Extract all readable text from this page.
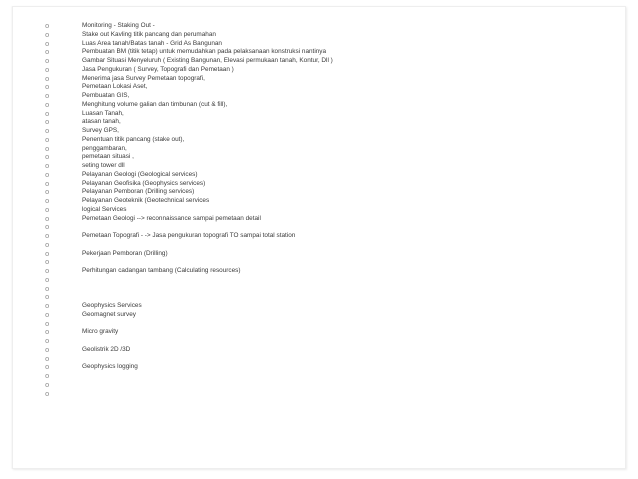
o	Monitoring - Staking Out -
o	Stake out Kavling titik pancang dan perumahan
o	Luas Area tanah/Batas tanah - Grid As Bangunan
o	Pembuatan BM (titik tetap) untuk memudahkan pada pelaksanaan konstruksi nantinya
o	Gambar Situasi Menyeluruh ( Existing Bangunan, Elevasi permukaan tanah, Kontur, Dll )
o	Jasa Pengukuran ( Survey, Topografi dan Pemetaan )
o	Menerima jasa Survey Pemetaan topografi,
o	Pemetaan Lokasi Aset,
o	Pembuatan GIS,
o	Menghitung volume galian dan timbunan (cut & fill),
o	Luasan Tanah,
o	atasan tanah,
o	Survey GPS,
o	Penentuan titik pancang (stake out),
o	penggambaran,
o	pemetaan situasi ,
o	seting tower dll
o	Pelayanan Geologi (Geological services)
o	Pelayanan Geofisika (Geophysics services)
o	Pelayanan Pemboran (Drilling services)
o	Pelayanan Geoteknik (Geotechnical services
o	logical Services
o	Pemetaan Geologi --> reconnaissance sampai pemetaan detail
o
o	Pemetaan Topografi - -> Jasa pengukuran topografi TO sampai total station
o
o	Pekerjaan Pemboran (Drilling)
o
o	Perhitungan cadangan tambang (Calculating resources)
o
o
o
o	Geophysics Services
o	Geomagnet survey
o
o	Micro gravity
o
o	Geolistrik 2D /3D
o
o	Geophysics logging
o
o
o
